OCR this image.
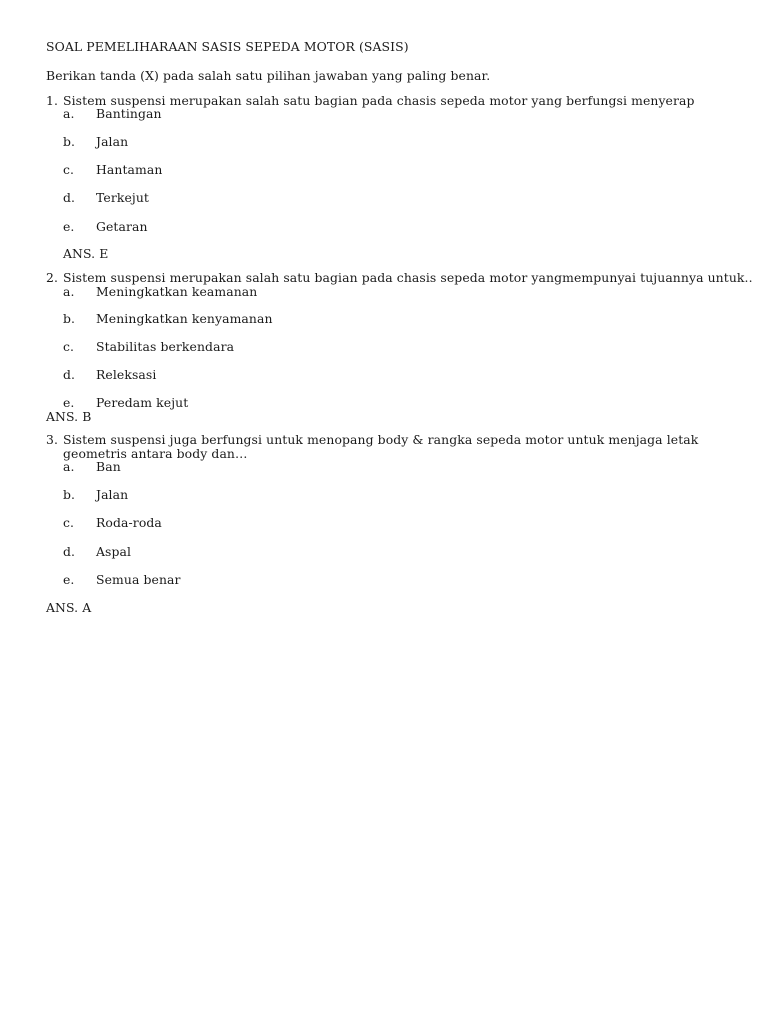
SOAL PEMELIHARAAN SASIS SEPEDA MOTOR (SASIS)
Berikan tanda (X) pada salah satu pilihan jawaban yang paling benar.
1. Sistem suspensi merupakan salah satu bagian pada chasis sepeda motor yang berfungsi menyerap
a. Bantingan
b. Jalan
c. Hantaman
d. Terkejut
e. Getaran
ANS. E
2. Sistem suspensi merupakan salah satu bagian pada chasis sepeda motor yangmempunyai tujuannya untuk..
a. Meningkatkan keamanan
b. Meningkatkan kenyamanan
c. Stabilitas berkendara
d. Releksasi
e. Peredam kejut
ANS. B
3. Sistem suspensi juga berfungsi untuk menopang body & rangka sepeda motor untuk menjaga letak
geometris antara body dan…
a. Ban
b. Jalan
c. Roda-roda
d. Aspal
e. Semua benar
ANS. A
